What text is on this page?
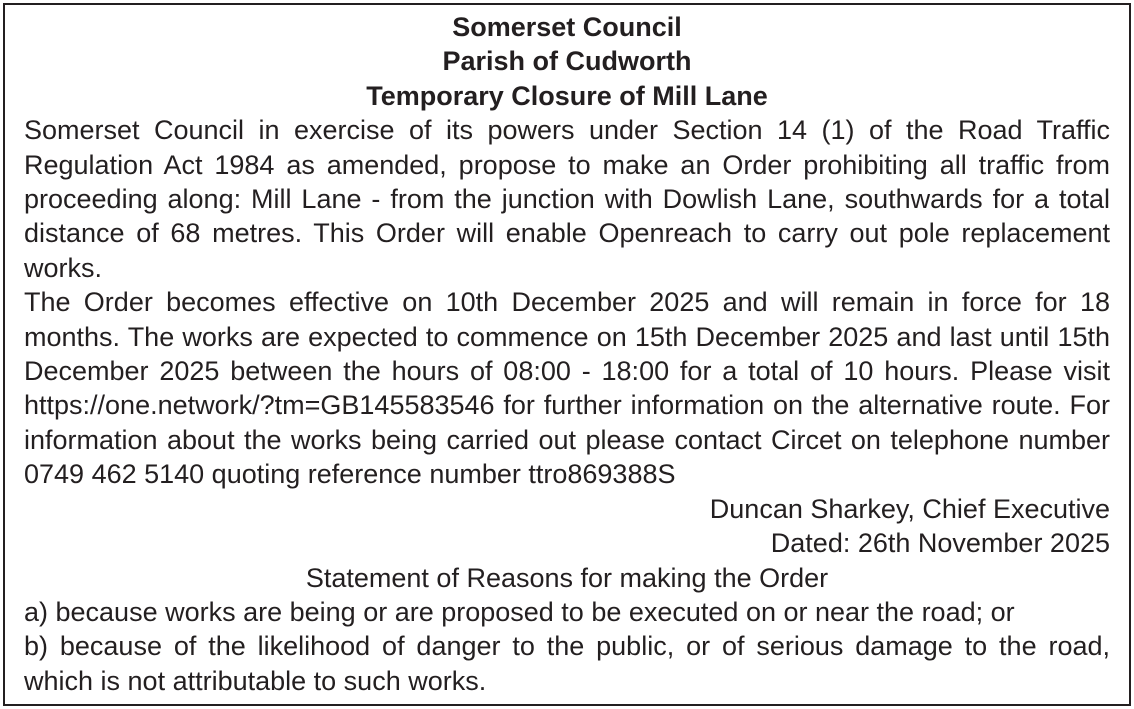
Somerset Council

Parish of Cudworth

Temporary Closure of Mill Lane

Somerset Council in exercise of its powers under Section 14 (1) of the Road Traffic Regulation Act 1984 as amended, propose to make an Order prohibiting all traffic from proceeding along: Mill Lane - from the junction with Dowlish Lane, southwards for a total distance of 68 metres. This Order will enable Openreach to carry out pole replacement works.

The Order becomes effective on 10th December 2025 and will remain in force for 18 months. The works are expected to commence on 15th December 2025 and last until 15th December 2025 between the hours of 08:00 - 18:00 for a total of 10 hours. Please visit https://one.network/?tm=GB145583546 for further information on the alternative route. For information about the works being carried out please contact Circet on telephone number 0749 462 5140 quoting reference number ttro869388S

Duncan Sharkey, Chief Executive

Dated: 26th November 2025

Statement of Reasons for making the Order

a) because works are being or are proposed to be executed on or near the road; or

b) because of the likelihood of danger to the public, or of serious damage to the road, which is not attributable to such works.
